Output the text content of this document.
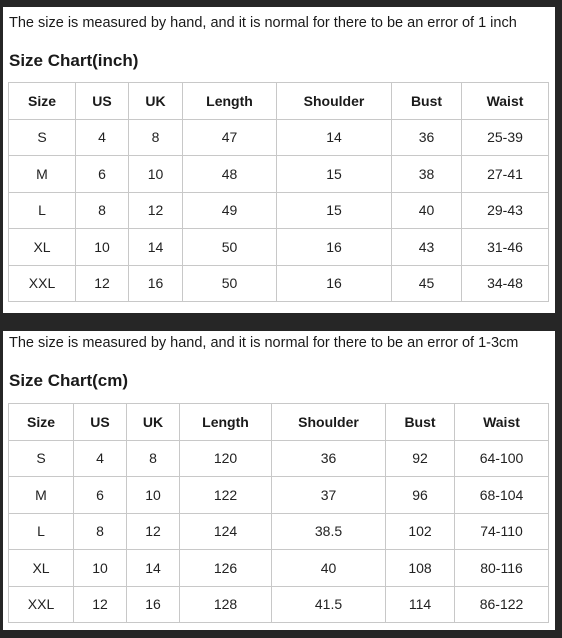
The size is measured by hand, and it is normal for there to be an error of 1 inch
Size Chart(inch)
Size	US	UK	Length	Shoulder	Bust	Waist
S	4	8	47	14	36	25-39
M	6	10	48	15	38	27-41
L	8	12	49	15	40	29-43
XL	10	14	50	16	43	31-46
XXL	12	16	50	16	45	34-48
The size is measured by hand, and it is normal for there to be an error of 1-3cm
Size Chart(cm)
Size	US	UK	Length	Shoulder	Bust	Waist
S	4	8	120	36	92	64-100
M	6	10	122	37	96	68-104
L	8	12	124	38.5	102	74-110
XL	10	14	126	40	108	80-116
XXL	12	16	128	41.5	114	86-122
